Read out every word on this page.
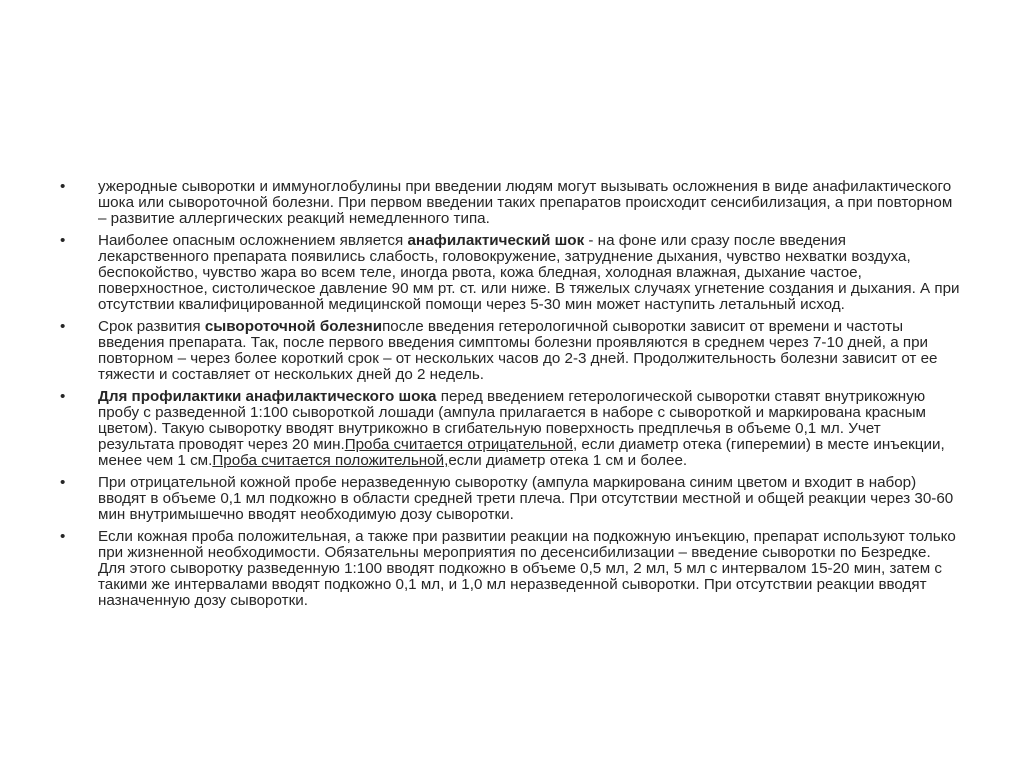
•	ужеродные сыворотки и иммуноглобулины при введении людям могут вызывать осложнения в виде анафилактического шока или сывороточной болезни. При первом введении таких препаратов происходит сенсибилизация, а при повторном – развитие аллергических реакций немедленного типа.
•	Наиболее опасным осложнением является анафилактический шок - на фоне или сразу после введения лекарственного препарата появились слабость, головокружение, затруднение дыхания, чувство нехватки воздуха, беспокойство, чувство жара во всем теле, иногда рвота, кожа бледная, холодная влажная, дыхание частое, поверхностное, систолическое давление 90 мм рт. ст. или ниже. В тяжелых случаях угнетение создания и дыхания. А при отсутствии квалифицированной медицинской помощи через 5-30 мин может наступить летальный исход.
•	Срок развития сывороточной болезнипосле введения гетерологичной сыворотки зависит от времени и частоты введения препарата. Так, после первого введения симптомы болезни проявляются в среднем через 7-10 дней, а при повторном – через более короткий срок – от нескольких часов до 2-3 дней. Продолжительность болезни зависит от ее тяжести и составляет от нескольких дней до 2 недель.
•	Для профилактики анафилактического шока перед введением гетерологической сыворотки ставят внутрикожную пробу с разведенной 1:100 сывороткой лошади (ампула прилагается в наборе с сывороткой и маркирована красным цветом). Такую сыворотку вводят внутрикожно в сгибательную поверхность предплечья в объеме 0,1 мл. Учет результата проводят через 20 мин.Проба считается отрицательной, если диаметр отека (гиперемии) в месте инъекции, менее чем 1 см.Проба считается положительной,если диаметр отека 1 см и более.
•	При отрицательной кожной пробе неразведенную сыворотку (ампула маркирована синим цветом и входит в набор) вводят в объеме 0,1 мл подкожно в области средней трети плеча. При отсутствии местной и общей реакции через 30-60 мин внутримышечно вводят необходимую дозу сыворотки.
•	Если кожная проба положительная, а также при развитии реакции на подкожную инъекцию, препарат используют только при жизненной необходимости. Обязательны мероприятия по десенсибилизации – введение сыворотки по Безредке. Для этого сыворотку разведенную 1:100 вводят подкожно в объеме 0,5 мл, 2 мл, 5 мл с интервалом 15-20 мин, затем с такими же интервалами вводят подкожно 0,1 мл, и 1,0 мл неразведенной сыворотки. При отсутствии реакции вводят назначенную дозу сыворотки.
